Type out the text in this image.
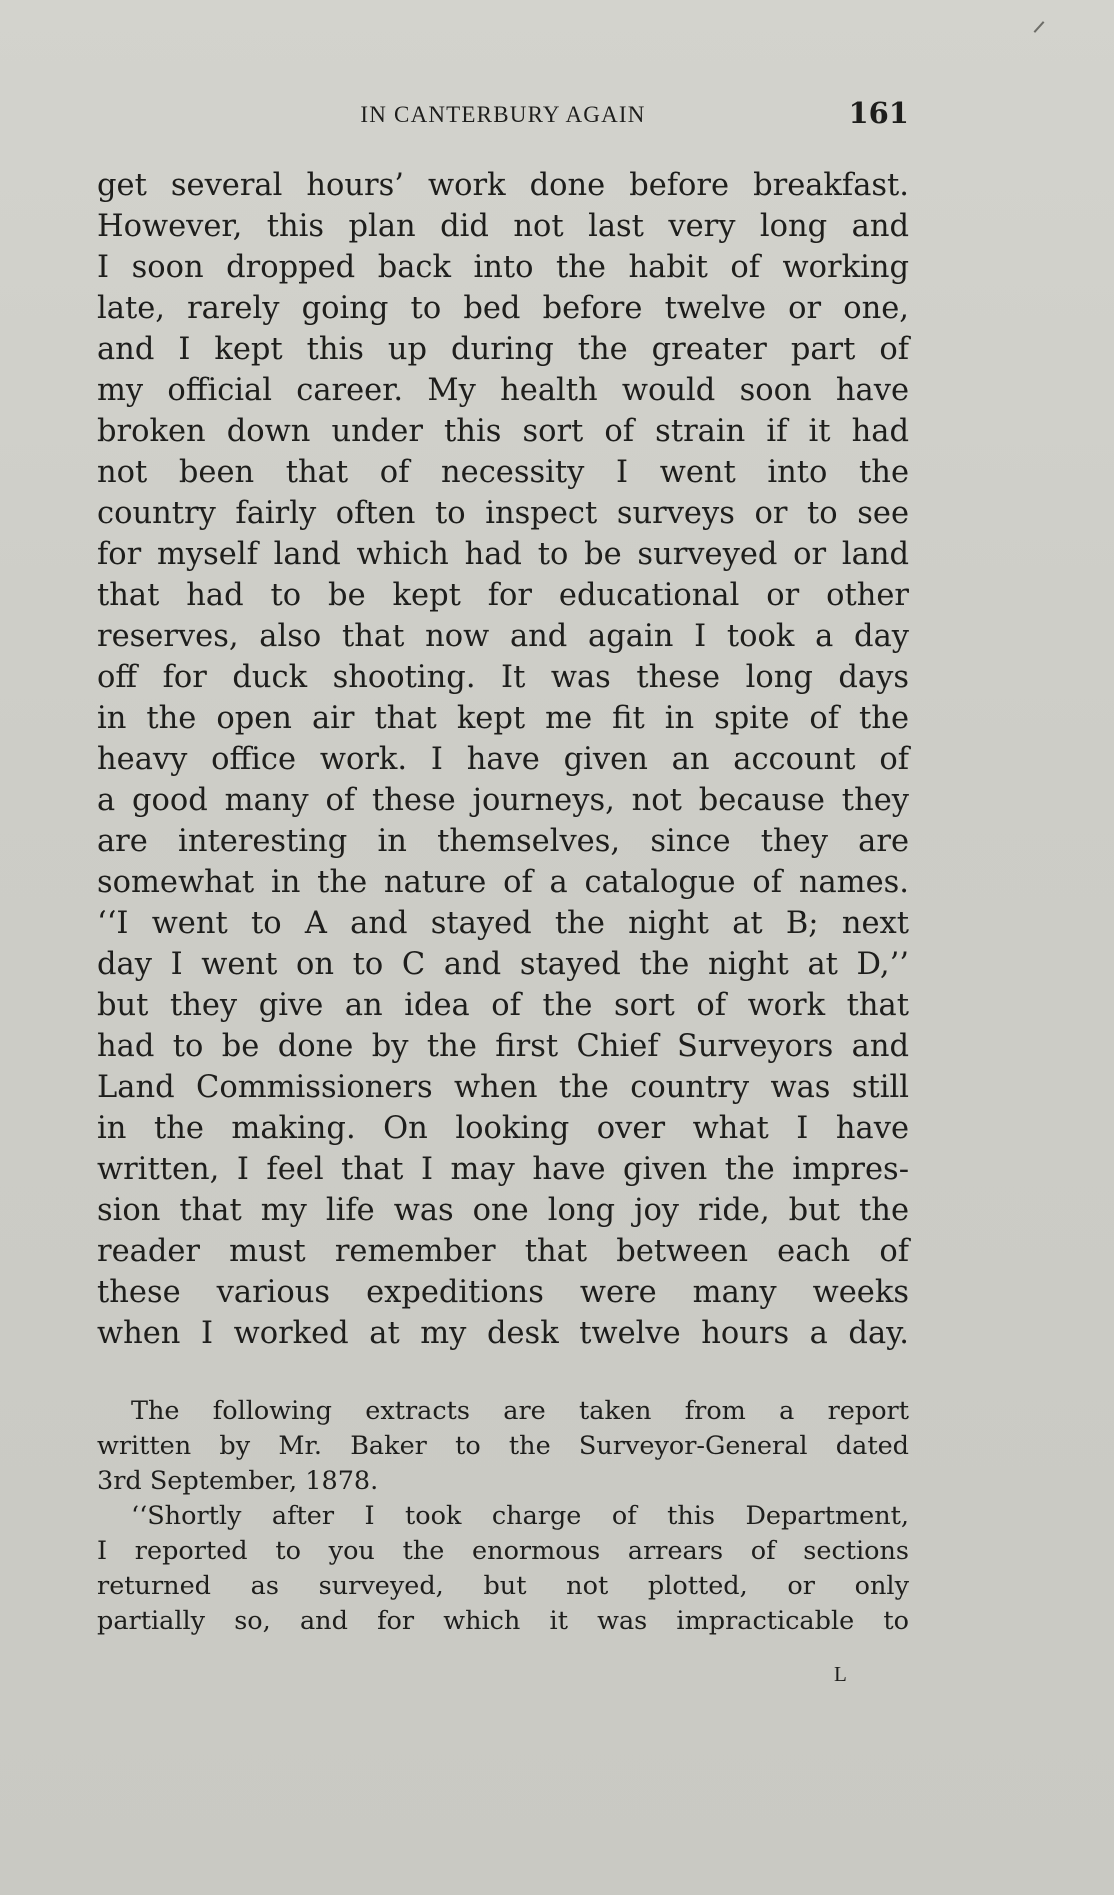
IN CANTERBURY AGAIN	161
get several hours’ work done before breakfast.
However, this plan did not last very long and
I soon dropped back into the habit of working
late, rarely going to bed before twelve or one,
and I kept this up during the greater part of
my official career. My health would soon have
broken down under this sort of strain if it had
not been that of necessity I went into the
country fairly often to inspect surveys or to see
for myself land which had to be surveyed or land
that had to be kept for educational or other
reserves, also that now and again I took a day
off for duck shooting. It was these long days
in the open air that kept me fit in spite of the
heavy office work. I have given an account of
a good many of these journeys, not because they
are interesting in themselves, since they are
somewhat in the nature of a catalogue of names.
‘‘I went to A and stayed the night at B; next
day I went on to C and stayed the night at D,’’
but they give an idea of the sort of work that
had to be done by the first Chief Surveyors and
Land Commissioners when the country was still
in the making. On looking over what I have
written, I feel that I may have given the impres-
sion that my life was one long joy ride, but the
reader must remember that between each of
these various expeditions were many weeks
when I worked at my desk twelve hours a day.
The following extracts are taken from a report
written by Mr. Baker to the Surveyor-General dated
3rd September, 1878.
‘‘Shortly after I took charge of this Department,
I reported to you the enormous arrears of sections
returned as surveyed, but not plotted, or only
partially so, and for which it was impracticable to
L
